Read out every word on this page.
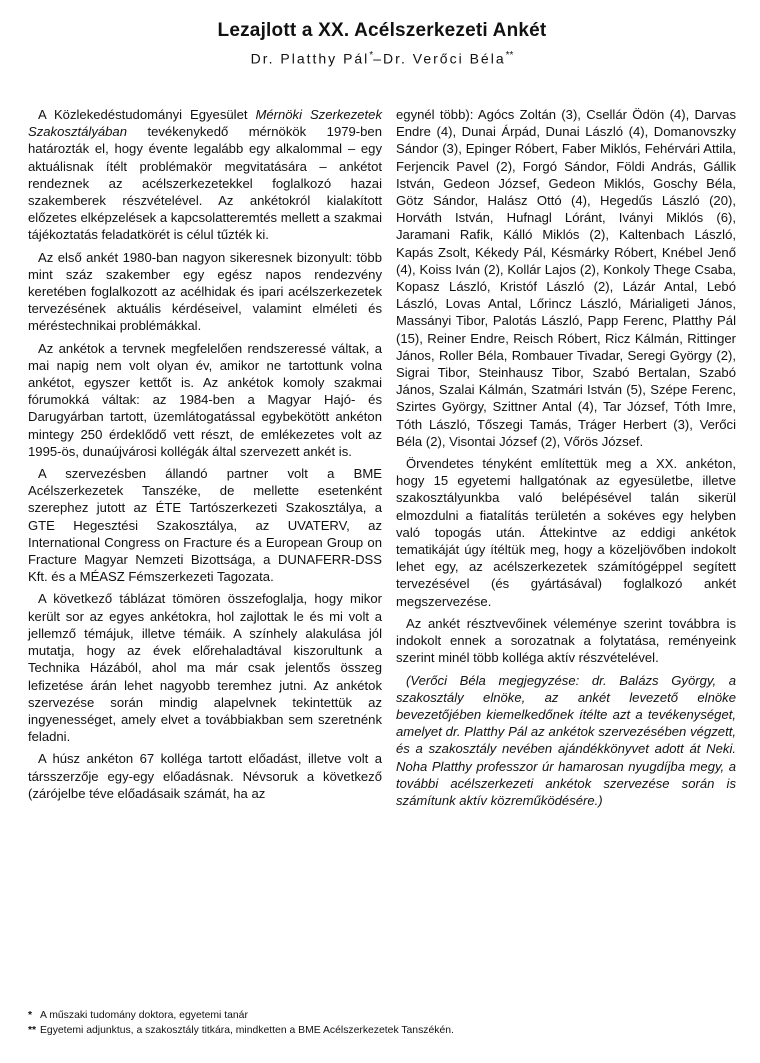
Lezajlott a XX. Acélszerkezeti Ankét
Dr. Platthy Pál*–Dr. Verőci Béla**

A Közlekedéstudományi Egyesület Mérnöki Szerkezetek Szakosztályában tevékenykedő mérnökök 1979-ben határozták el, hogy évente legalább egy alkalommal – egy aktuálisnak ítélt problémakör megvitatására – ankétot rendeznek az acélszerkezetekkel foglalkozó hazai szakemberek részvételével. Az ankétokról kialakított előzetes elképzelések a kapcsolatteremtés mellett a szakmai tájékoztatás feladatkörét is célul tűzték ki.

Az első ankét 1980-ban nagyon sikeresnek bizonyult: több mint száz szakember egy egész napos rendezvény keretében foglalkozott az acélhidak és ipari acélszerkezetek tervezésének aktuális kérdéseivel, valamint elméleti és méréstechnikai problémákkal.

Az ankétok a tervnek megfelelően rendszeressé váltak, a mai napig nem volt olyan év, amikor ne tartottunk volna ankétot, egyszer kettőt is. Az ankétok komoly szakmai fórumokká váltak: az 1984-ben a Magyar Hajó- és Darugyárban tartott, üzemlátogatással egybekötött ankéton mintegy 250 érdeklődő vett részt, de emlékezetes volt az 1995-ös, dunaújvárosi kollégák által szervezett ankét is.

A szervezésben állandó partner volt a BME Acélszerkezetek Tanszéke, de mellette esetenként szerephez jutott az ÉTE Tartószerkezeti Szakosztálya, a GTE Hegesztési Szakosztálya, az UVATERV, az International Congress on Fracture és a European Group on Fracture Magyar Nemzeti Bizottsága, a DUNAFERR-DSS Kft. és a MÉASZ Fémszerkezeti Tagozata.

A következő táblázat tömören összefoglalja, hogy mikor került sor az egyes ankétokra, hol zajlottak le és mi volt a jellemző témájuk, illetve témáik. A színhely alakulása jól mutatja, hogy az évek előrehaladtával kiszorultunk a Technika Házából, ahol ma már csak jelentős összeg lefizetése árán lehet nagyobb teremhez jutni. Az ankétok szervezése során mindig alapelvnek tekintettük az ingyenességet, amely elvet a továbbiakban sem szeretnénk feladni.

A húsz ankéton 67 kolléga tartott előadást, illetve volt a társszerzője egy-egy előadásnak. Névsoruk a következő (zárójelbe téve előadásaik számát, ha az

egynél több): Agócs Zoltán (3), Csellár Ödön (4), Darvas Endre (4), Dunai Árpád, Dunai László (4), Domanovszky Sándor (3), Epinger Róbert, Faber Miklós, Fehérvári Attila, Ferjencik Pavel (2), Forgó Sándor, Földi András, Gállik István, Gedeon József, Gedeon Miklós, Goschy Béla, Götz Sándor, Halász Ottó (4), Hegedűs László (20), Horváth István, Hufnagl Lóránt, Iványi Miklós (6), Jaramani Rafik, Kálló Miklós (2), Kaltenbach László, Kapás Zsolt, Kékedy Pál, Késmárky Róbert, Knébel Jenő (4), Koiss Iván (2), Kollár Lajos (2), Konkoly Thege Csaba, Kopasz László, Kristóf László (2), Lázár Antal, Lebó László, Lovas Antal, Lőrincz László, Márialigeti János, Massányi Tibor, Palotás László, Papp Ferenc, Platthy Pál (15), Reiner Endre, Reisch Róbert, Ricz Kálmán, Rittinger János, Roller Béla, Rombauer Tivadar, Seregi György (2), Sigrai Tibor, Steinhausz Tibor, Szabó Bertalan, Szabó János, Szalai Kálmán, Szatmári István (5), Szépe Ferenc, Szirtes György, Szittner Antal (4), Tar József, Tóth Imre, Tóth László, Tőszegi Tamás, Tráger Herbert (3), Verőci Béla (2), Visontai József (2), Vőrös József.

Örvendetes tényként említettük meg a XX. ankéton, hogy 15 egyetemi hallgatónak az egyesületbe, illetve szakosztályunkba való belépésével talán sikerül elmozdulni a fiatalítás területén a sokéves egy helyben való topogás után. Áttekintve az eddigi ankétok tematikáját úgy ítéltük meg, hogy a közeljövőben indokolt lehet egy, az acélszerkezetek számítógéppel segített tervezésével (és gyártásával) foglalkozó ankét megszervezése.

Az ankét résztvevőinek véleménye szerint továbbra is indokolt ennek a sorozatnak a folytatása, reményeink szerint minél több kolléga aktív részvételével.

(Verőci Béla megjegyzése: dr. Balázs György, a szakosztály elnöke, az ankét levezető elnöke bevezetőjében kiemelkedőnek ítélte azt a tevékenységet, amelyet dr. Platthy Pál az ankétok szervezésében végzett, és a szakosztály nevében ajándékkönyvet adott át Neki. Noha Platthy professzor úr hamarosan nyugdíjba megy, a további acélszerkezeti ankétok szervezése során is számítunk aktív közreműködésére.)

* A műszaki tudomány doktora, egyetemi tanár
** Egyetemi adjunktus, a szakosztály titkára, mindketten a BME Acélszerkezetek Tanszékén.
